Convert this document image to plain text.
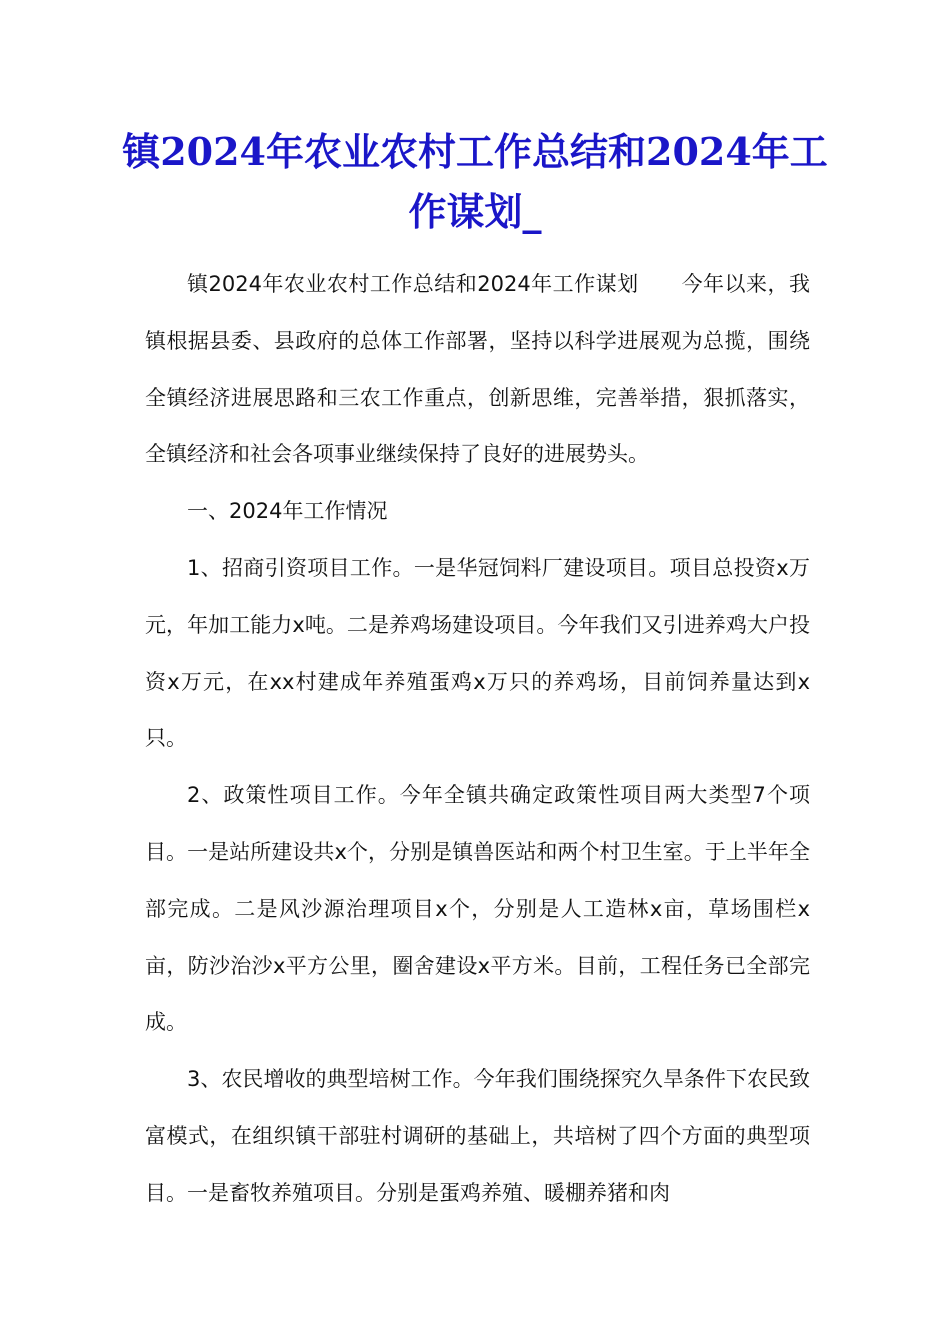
镇2024年农业农村工作总结和2024年工作谋划_

镇2024年农业农村工作总结和2024年工作谋划　　今年以来，我镇根据县委、县政府的总体工作部署，坚持以科学进展观为总揽，围绕全镇经济进展思路和三农工作重点，创新思维，完善举措，狠抓落实，全镇经济和社会各项事业继续保持了良好的进展势头。

一、2024年工作情况

1、招商引资项目工作。一是华冠饲料厂建设项目。项目总投资x万元，年加工能力x吨。二是养鸡场建设项目。今年我们又引进养鸡大户投资x万元，在xx村建成年养殖蛋鸡x万只的养鸡场，目前饲养量达到x只。

2、政策性项目工作。今年全镇共确定政策性项目两大类型7个项目。一是站所建设共x个，分别是镇兽医站和两个村卫生室。于上半年全部完成。二是风沙源治理项目x个，分别是人工造林x亩，草场围栏x亩，防沙治沙x平方公里，圈舍建设x平方米。目前，工程任务已全部完成。

3、农民增收的典型培树工作。今年我们围绕探究久旱条件下农民致富模式，在组织镇干部驻村调研的基础上，共培树了四个方面的典型项目。一是畜牧养殖项目。分别是蛋鸡养殖、暖棚养猪和肉
